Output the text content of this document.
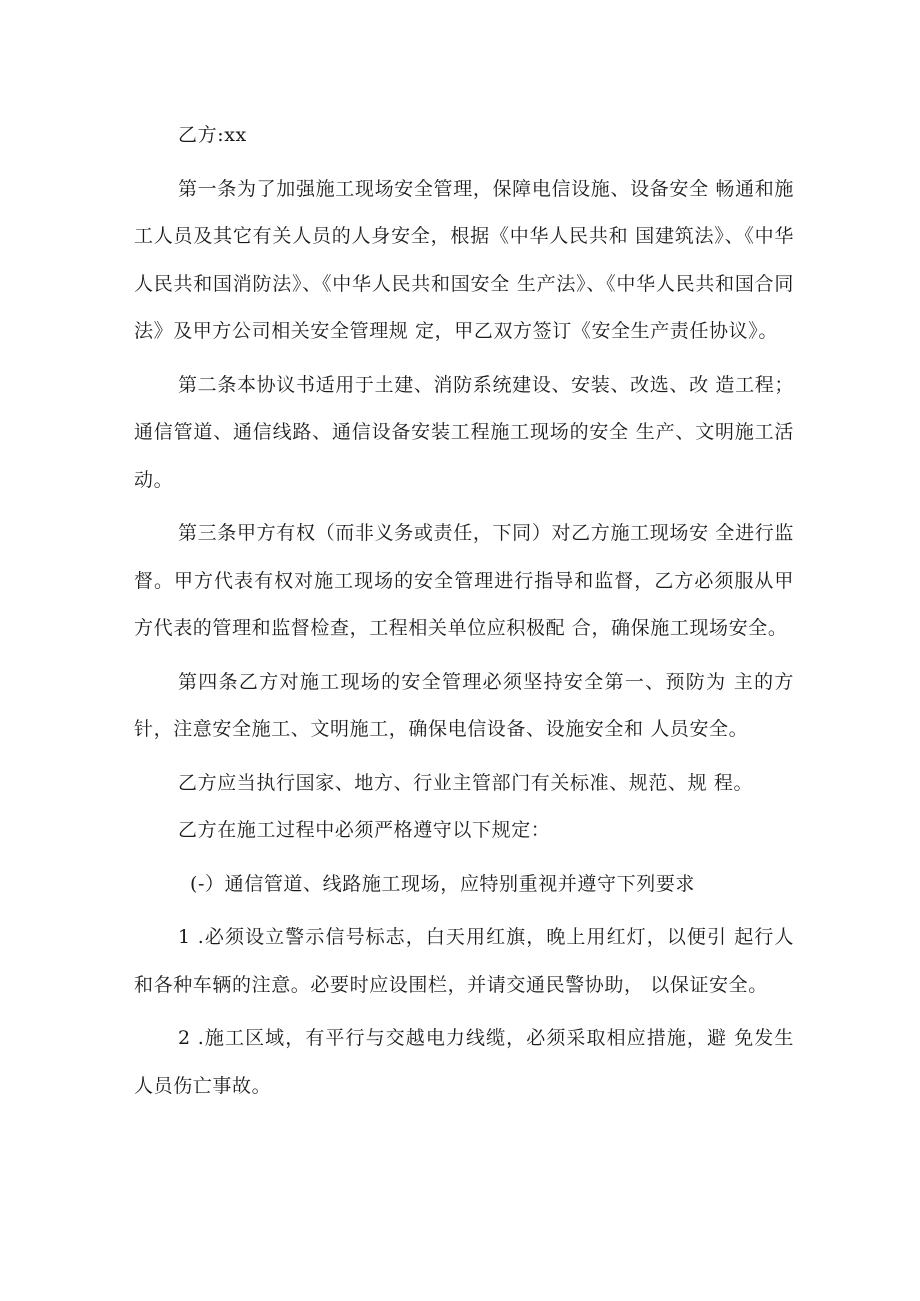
乙方:xx

第一条为了加强施工现场安全管理，保障电信设施、设备安全 畅通和施工人员及其它有关人员的人身安全，根据《中华人民共和 国建筑法》、《中华人民共和国消防法》、《中华人民共和国安全 生产法》、《中华人民共和国合同法》及甲方公司相关安全管理规 定，甲乙双方签订《安全生产责任协议》。

第二条本协议书适用于土建、消防系统建设、安装、改选、改 造工程；通信管道、通信线路、通信设备安装工程施工现场的安全 生产、文明施工活动。

第三条甲方有权（而非义务或责任，下同）对乙方施工现场安 全进行监督。甲方代表有权对施工现场的安全管理进行指导和监督，乙方必须服从甲方代表的管理和监督检查，工程相关单位应积极配 合，确保施工现场安全。

第四条乙方对施工现场的安全管理必须坚持安全第一、预防为 主的方针，注意安全施工、文明施工，确保电信设备、设施安全和 人员安全。

乙方应当执行国家、地方、行业主管部门有关标准、规范、规 程。

乙方在施工过程中必须严格遵守以下规定：

(-）通信管道、线路施工现场，应特别重视并遵守下列要求

1 .必须设立警示信号标志，白天用红旗，晚上用红灯，以便引 起行人和各种车辆的注意。必要时应设围栏，并请交通民警协助， 以保证安全。

2 .施工区域，有平行与交越电力线缆，必须采取相应措施，避 免发生人员伤亡事故。
